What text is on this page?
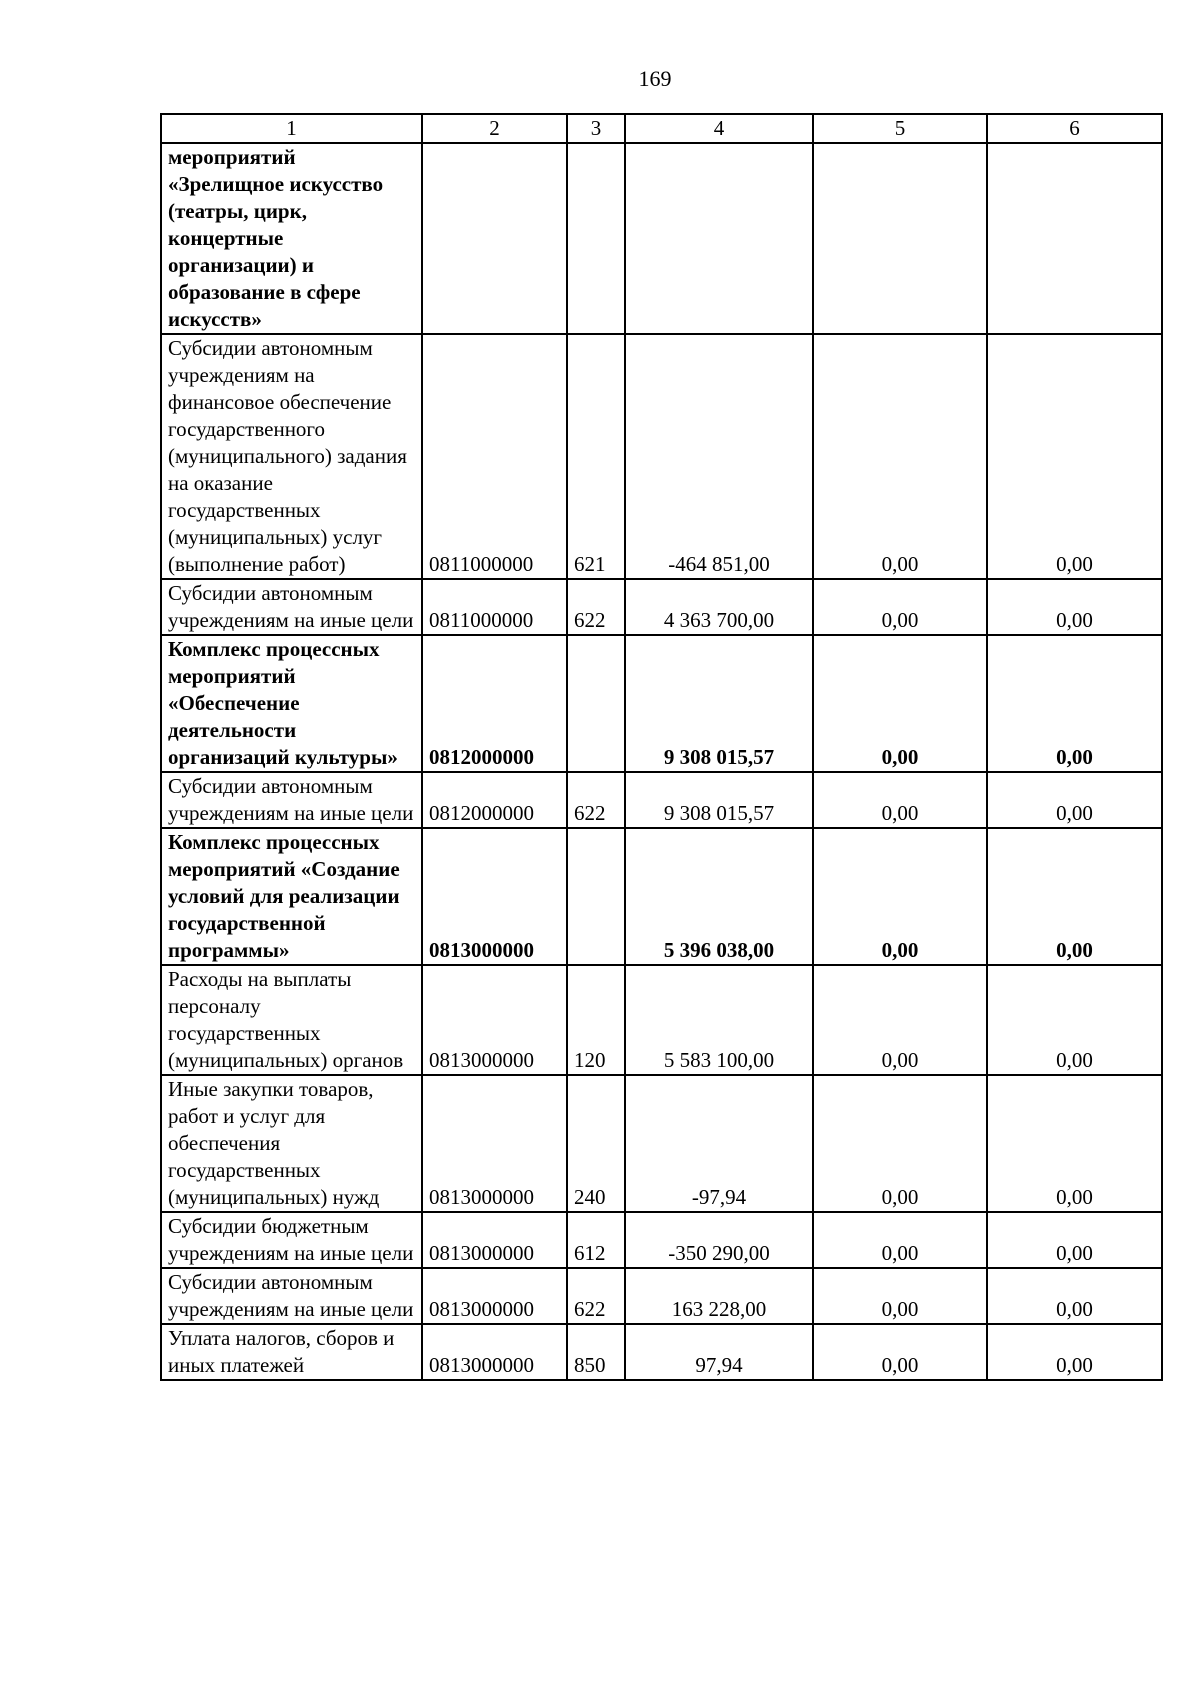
169
1	2	3	4	5	6
мероприятий «Зрелищное искусство (театры, цирк, концертные организации) и образование в сфере искусств»					
Субсидии автономным учреждениям на финансовое обеспечение государственного (муниципального) задания на оказание государственных (муниципальных) услуг (выполнение работ)	0811000000	621	-464 851,00	0,00	0,00
Субсидии автономным учреждениям на иные цели	0811000000	622	4 363 700,00	0,00	0,00
Комплекс процессных мероприятий «Обеспечение деятельности организаций культуры»	0812000000		9 308 015,57	0,00	0,00
Субсидии автономным учреждениям на иные цели	0812000000	622	9 308 015,57	0,00	0,00
Комплекс процессных мероприятий «Создание условий для реализации государственной программы»	0813000000		5 396 038,00	0,00	0,00
Расходы на выплаты персоналу государственных (муниципальных) органов	0813000000	120	5 583 100,00	0,00	0,00
Иные закупки товаров, работ и услуг для обеспечения государственных (муниципальных) нужд	0813000000	240	-97,94	0,00	0,00
Субсидии бюджетным учреждениям на иные цели	0813000000	612	-350 290,00	0,00	0,00
Субсидии автономным учреждениям на иные цели	0813000000	622	163 228,00	0,00	0,00
Уплата налогов, сборов и иных платежей	0813000000	850	97,94	0,00	0,00
